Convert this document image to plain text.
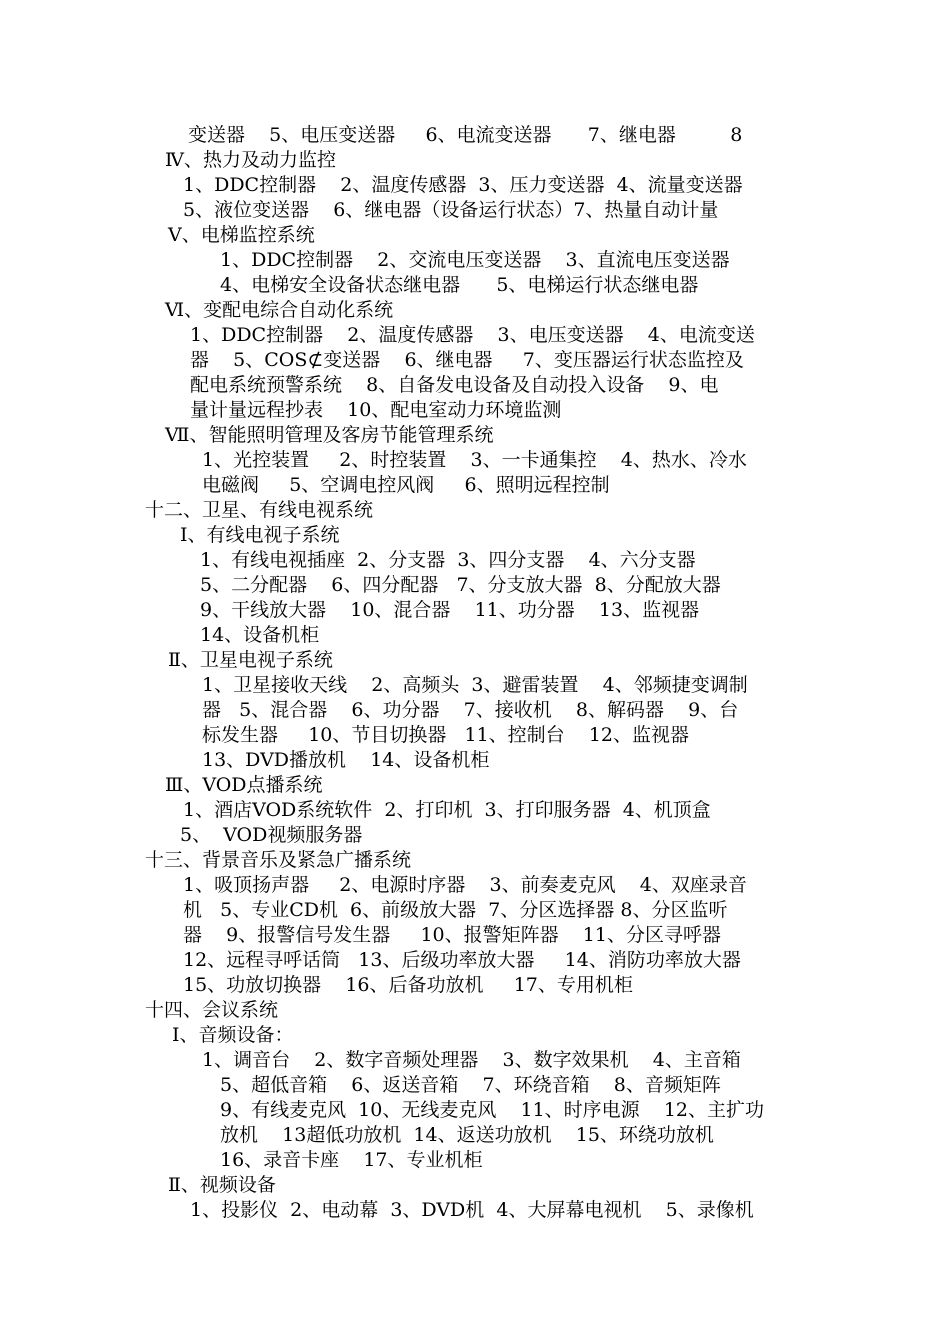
变送器    5、电压变送器     6、电流变送器      7、继电器         8
Ⅳ、热力及动力监控
1、DDC控制器    2、温度传感器  3、压力变送器  4、流量变送器
5、液位变送器    6、继电器（设备运行状态）7、热量自动计量
Ⅴ、电梯监控系统
1、DDC控制器    2、交流电压变送器    3、直流电压变送器
4、电梯安全设备状态继电器      5、电梯运行状态继电器
Ⅵ、变配电综合自动化系统
1、DDC控制器    2、温度传感器    3、电压变送器    4、电流变送
器    5、COS⊄变送器    6、继电器     7、变压器运行状态监控及
配电系统预警系统    8、自备发电设备及自动投入设备    9、电
量计量远程抄表    10、配电室动力环境监测
Ⅶ、智能照明管理及客房节能管理系统
1、光控装置     2、时控装置    3、一卡通集控    4、热水、冷水
电磁阀     5、空调电控风阀     6、照明远程控制
十二、卫星、有线电视系统
Ⅰ、有线电视子系统
1、有线电视插座  2、分支器  3、四分支器    4、六分支器
5、二分配器    6、四分配器   7、分支放大器  8、分配放大器
9、干线放大器    10、混合器    11、功分器    13、监视器
14、设备机柜
Ⅱ、卫星电视子系统
1、卫星接收天线    2、高频头  3、避雷装置    4、邻频捷变调制
器   5、混合器    6、功分器    7、接收机    8、解码器    9、台
标发生器     10、节目切换器   11、控制台    12、监视器
13、DVD播放机    14、设备机柜
Ⅲ、VOD点播系统
1、酒店VOD系统软件  2、打印机  3、打印服务器  4、机顶盒
5、  VOD视频服务器
十三、背景音乐及紧急广播系统
1、吸顶扬声器     2、电源时序器    3、前奏麦克风    4、双座录音
机   5、专业CD机  6、前级放大器  7、分区选择器 8、分区监听
器    9、报警信号发生器     10、报警矩阵器    11、分区寻呼器
12、远程寻呼话筒   13、后级功率放大器     14、消防功率放大器
15、功放切换器    16、后备功放机     17、专用机柜
十四、会议系统
Ⅰ、音频设备：
1、调音台    2、数字音频处理器    3、数字效果机    4、主音箱
5、超低音箱    6、返送音箱    7、环绕音箱    8、音频矩阵
9、有线麦克风  10、无线麦克风    11、时序电源    12、主扩功
放机    13超低功放机  14、返送功放机    15、环绕功放机
16、录音卡座    17、专业机柜
Ⅱ、视频设备
1、投影仪  2、电动幕  3、DVD机  4、大屏幕电视机    5、录像机
